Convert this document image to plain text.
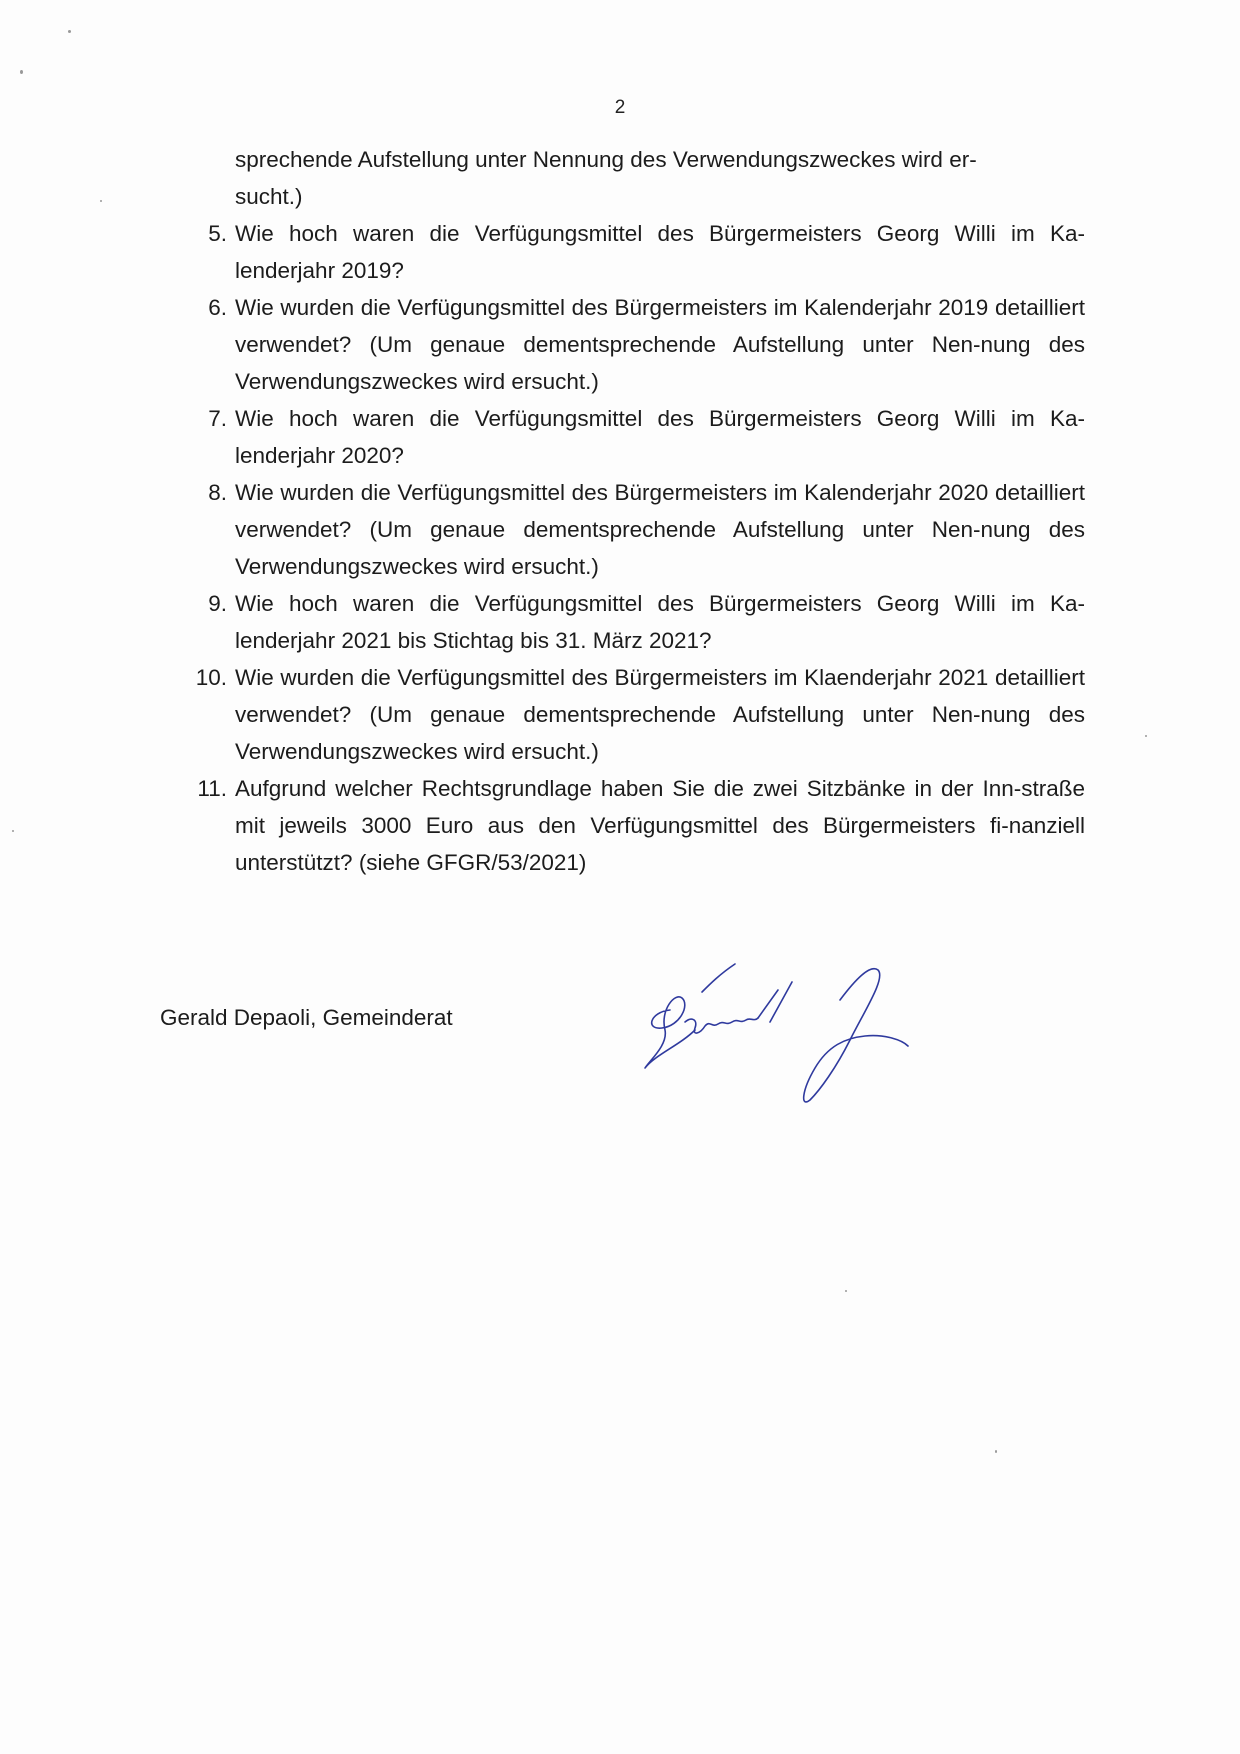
2
sprechende Aufstellung unter Nennung des Verwendungszweckes wird er-
sucht.)
5. Wie hoch waren die Verfügungsmittel des Bürgermeisters Georg Willi im Ka-lenderjahr 2019?
6. Wie wurden die Verfügungsmittel des Bürgermeisters im Kalenderjahr 2019 detailliert verwendet? (Um genaue dementsprechende Aufstellung unter Nen-nung des Verwendungszweckes wird ersucht.)
7. Wie hoch waren die Verfügungsmittel des Bürgermeisters Georg Willi im Ka-lenderjahr 2020?
8. Wie wurden die Verfügungsmittel des Bürgermeisters im Kalenderjahr 2020 detailliert verwendet? (Um genaue dementsprechende Aufstellung unter Nen-nung des Verwendungszweckes wird ersucht.)
9. Wie hoch waren die Verfügungsmittel des Bürgermeisters Georg Willi im Ka-lenderjahr 2021 bis Stichtag bis 31. März 2021?
10. Wie wurden die Verfügungsmittel des Bürgermeisters im Klaenderjahr 2021 detailliert verwendet? (Um genaue dementsprechende Aufstellung unter Nen-nung des Verwendungszweckes wird ersucht.)
11. Aufgrund welcher Rechtsgrundlage haben Sie die zwei Sitzbänke in der Inn-straße mit jeweils 3000 Euro aus den Verfügungsmittel des Bürgermeisters fi-nanziell unterstützt? (siehe GFGR/53/2021)
Gerald Depaoli, Gemeinderat
